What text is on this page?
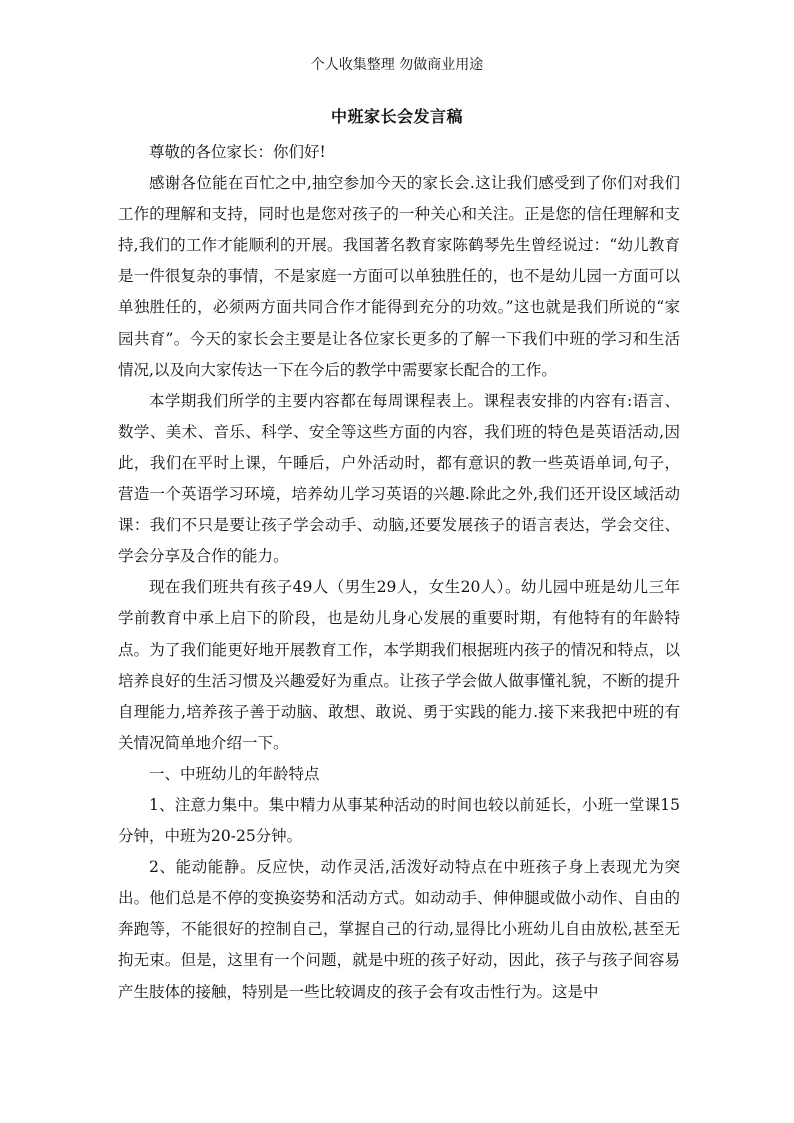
个人收集整理 勿做商业用途
中班家长会发言稿

尊敬的各位家长：你们好!

感谢各位能在百忙之中,抽空参加今天的家长会.这让我们感受到了你们对我们工作的理解和支持，同时也是您对孩子的一种关心和关注。正是您的信任理解和支持,我们的工作才能顺利的开展。我国著名教育家陈鹤琴先生曾经说过：“幼儿教育是一件很复杂的事情，不是家庭一方面可以单独胜任的，也不是幼儿园一方面可以单独胜任的，必须两方面共同合作才能得到充分的功效。”这也就是我们所说的“家园共育”。今天的家长会主要是让各位家长更多的了解一下我们中班的学习和生活情况,以及向大家传达一下在今后的教学中需要家长配合的工作。

本学期我们所学的主要内容都在每周课程表上。课程表安排的内容有:语言、数学、美术、音乐、科学、安全等这些方面的内容，我们班的特色是英语活动,因此，我们在平时上课，午睡后，户外活动时，都有意识的教一些英语单词,句子，营造一个英语学习环境，培养幼儿学习英语的兴趣.除此之外,我们还开设区域活动课：我们不只是要让孩子学会动手、动脑,还要发展孩子的语言表达，学会交往、学会分享及合作的能力。

现在我们班共有孩子49人（男生29人，女生20人）。幼儿园中班是幼儿三年学前教育中承上启下的阶段，也是幼儿身心发展的重要时期，有他特有的年龄特点。为了我们能更好地开展教育工作，本学期我们根据班内孩子的情况和特点，以培养良好的生活习惯及兴趣爱好为重点。让孩子学会做人做事懂礼貌，不断的提升自理能力,培养孩子善于动脑、敢想、敢说、勇于实践的能力.接下来我把中班的有关情况简单地介绍一下。

一、中班幼儿的年龄特点

1、注意力集中。集中精力从事某种活动的时间也较以前延长，小班一堂课15分钟，中班为20-25分钟。

2、能动能静。反应快，动作灵活,活泼好动特点在中班孩子身上表现尤为突出。他们总是不停的变换姿势和活动方式。如动动手、伸伸腿或做小动作、自由的奔跑等，不能很好的控制自己，掌握自己的行动,显得比小班幼儿自由放松,甚至无拘无束。但是，这里有一个问题，就是中班的孩子好动，因此，孩子与孩子间容易产生肢体的接触，特别是一些比较调皮的孩子会有攻击性行为。这是中
